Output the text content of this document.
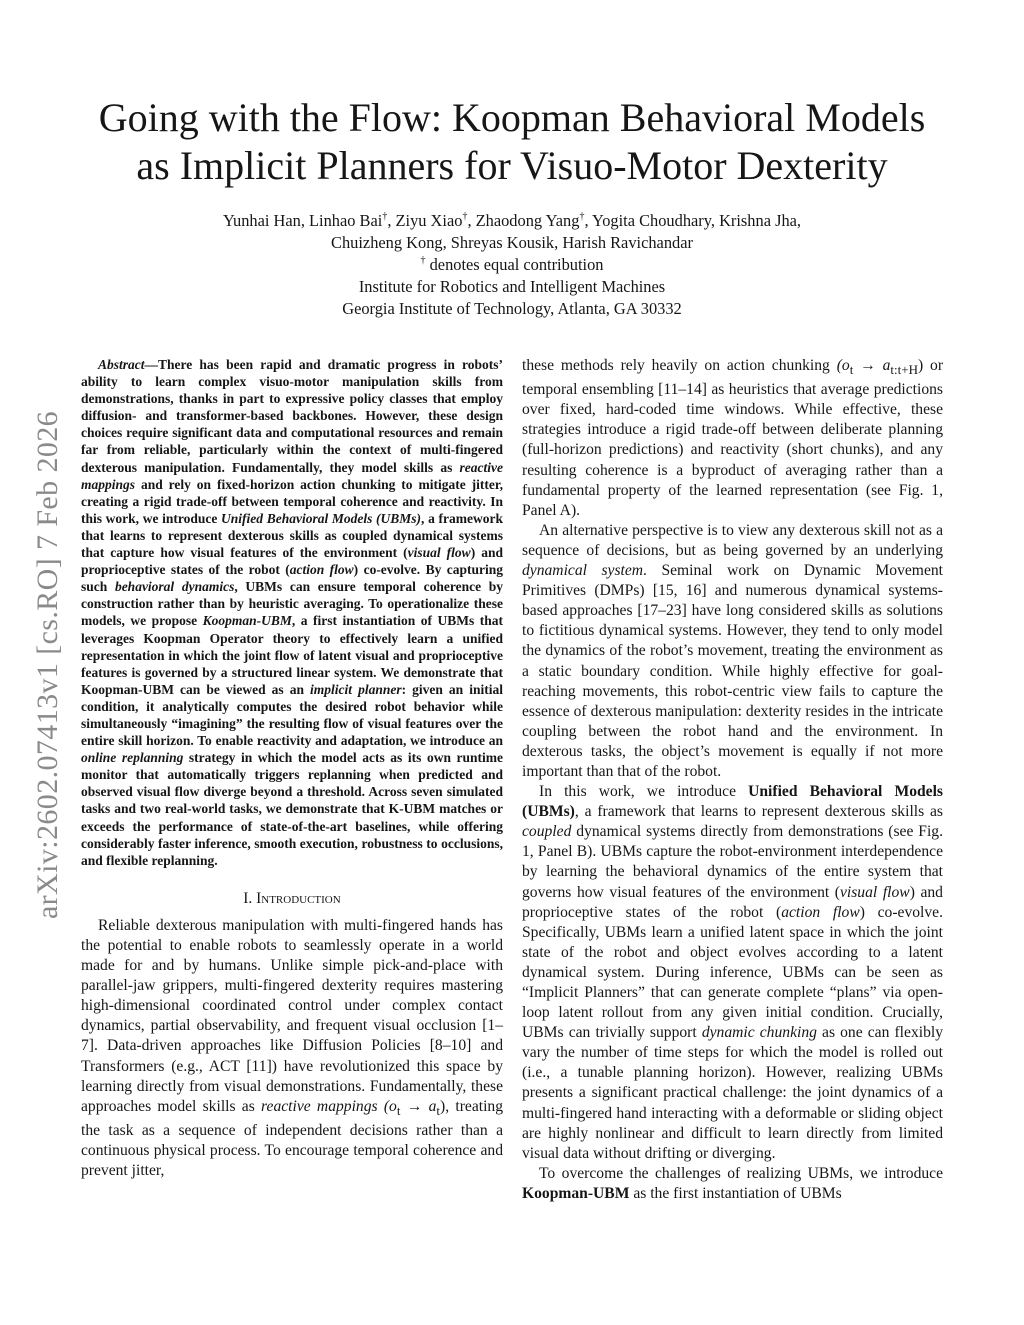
arXiv:2602.07413v1 [cs.RO] 7 Feb 2026
Going with the Flow: Koopman Behavioral Models
as Implicit Planners for Visuo-Motor Dexterity
Yunhai Han, Linhao Bai†, Ziyu Xiao†, Zhaodong Yang†, Yogita Choudhary, Krishna Jha,
Chuizheng Kong, Shreyas Kousik, Harish Ravichandar
† denotes equal contribution
Institute for Robotics and Intelligent Machines
Georgia Institute of Technology, Atlanta, GA 30332

Abstract—There has been rapid and dramatic progress in robots’ ability to learn complex visuo-motor manipulation skills from demonstrations, thanks in part to expressive policy classes that employ diffusion- and transformer-based backbones. However, these design choices require significant data and computational resources and remain far from reliable, particularly within the context of multi-fingered dexterous manipulation. Fundamentally, they model skills as reactive mappings and rely on fixed-horizon action chunking to mitigate jitter, creating a rigid trade-off between temporal coherence and reactivity. In this work, we introduce Unified Behavioral Models (UBMs), a framework that learns to represent dexterous skills as coupled dynamical systems that capture how visual features of the environment (visual flow) and proprioceptive states of the robot (action flow) co-evolve. By capturing such behavioral dynamics, UBMs can ensure temporal coherence by construction rather than by heuristic averaging. To operationalize these models, we propose Koopman-UBM, a first instantiation of UBMs that leverages Koopman Operator theory to effectively learn a unified representation in which the joint flow of latent visual and proprioceptive features is governed by a structured linear system. We demonstrate that Koopman-UBM can be viewed as an implicit planner: given an initial condition, it analytically computes the desired robot behavior while simultaneously “imagining” the resulting flow of visual features over the entire skill horizon. To enable reactivity and adaptation, we introduce an online replanning strategy in which the model acts as its own runtime monitor that automatically triggers replanning when predicted and observed visual flow diverge beyond a threshold. Across seven simulated tasks and two real-world tasks, we demonstrate that K-UBM matches or exceeds the performance of state-of-the-art baselines, while offering considerably faster inference, smooth execution, robustness to occlusions, and flexible replanning.

I. Introduction

Reliable dexterous manipulation with multi-fingered hands has the potential to enable robots to seamlessly operate in a world made for and by humans. Unlike simple pick-and-place with parallel-jaw grippers, multi-fingered dexterity requires mastering high-dimensional coordinated control under complex contact dynamics, partial observability, and frequent visual occlusion [1–7]. Data-driven approaches like Diffusion Policies [8–10] and Transformers (e.g., ACT [11]) have revolutionized this space by learning directly from visual demonstrations. Fundamentally, these approaches model skills as reactive mappings $(o_t \to a_t)$, treating the task as a sequence of independent decisions rather than a continuous physical process. To encourage temporal coherence and prevent jitter,

these methods rely heavily on action chunking $(o_t \to a_{t:t+H})$ or temporal ensembling [11–14] as heuristics that average predictions over fixed, hard-coded time windows. While effective, these strategies introduce a rigid trade-off between deliberate planning (full-horizon predictions) and reactivity (short chunks), and any resulting coherence is a byproduct of averaging rather than a fundamental property of the learned representation (see Fig. 1, Panel A).

An alternative perspective is to view any dexterous skill not as a sequence of decisions, but as being governed by an underlying dynamical system. Seminal work on Dynamic Movement Primitives (DMPs) [15, 16] and numerous dynamical systems-based approaches [17–23] have long considered skills as solutions to fictitious dynamical systems. However, they tend to only model the dynamics of the robot’s movement, treating the environment as a static boundary condition. While highly effective for goal-reaching movements, this robot-centric view fails to capture the essence of dexterous manipulation: dexterity resides in the intricate coupling between the robot hand and the environment. In dexterous tasks, the object’s movement is equally if not more important than that of the robot.

In this work, we introduce Unified Behavioral Models (UBMs), a framework that learns to represent dexterous skills as coupled dynamical systems directly from demonstrations (see Fig. 1, Panel B). UBMs capture the robot-environment interdependence by learning the behavioral dynamics of the entire system that governs how visual features of the environment (visual flow) and proprioceptive states of the robot (action flow) co-evolve. Specifically, UBMs learn a unified latent space in which the joint state of the robot and object evolves according to a latent dynamical system. During inference, UBMs can be seen as “Implicit Planners” that can generate complete “plans” via open-loop latent rollout from any given initial condition. Crucially, UBMs can trivially support dynamic chunking as one can flexibly vary the number of time steps for which the model is rolled out (i.e., a tunable planning horizon). However, realizing UBMs presents a significant practical challenge: the joint dynamics of a multi-fingered hand interacting with a deformable or sliding object are highly nonlinear and difficult to learn directly from limited visual data without drifting or diverging.

To overcome the challenges of realizing UBMs, we introduce Koopman-UBM as the first instantiation of UBMs
